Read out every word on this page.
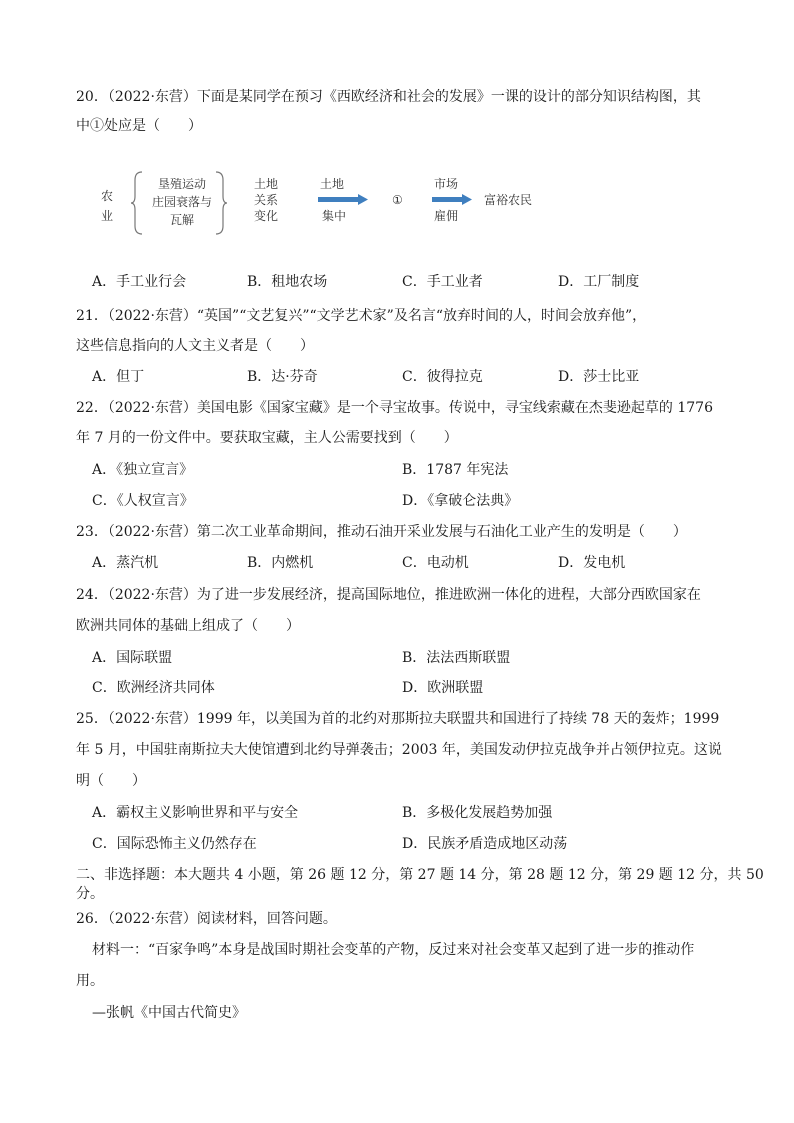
20．（2022·东营）下面是某同学在预习《西欧经济和社会的发展》一课的设计的部分知识结构图，其
中①处应是（　　）
农
业
垦殖运动
庄园衰落与
瓦解
土地
关系
变化
土地
集中
①
市场
雇佣
富裕农民
A．手工业行会	B．租地农场	C．手工业者	D．工厂制度
21．（2022·东营）“英国”“文艺复兴”“文学艺术家”及名言“放弃时间的人，时间会放弃他”，
这些信息指向的人文主义者是（　　）
A．但丁	B．达·芬奇	C．彼得拉克	D．莎士比亚
22．（2022·东营）美国电影《国家宝藏》是一个寻宝故事。传说中，寻宝线索藏在杰斐逊起草的 1776
年 7 月的一份文件中。要获取宝藏，主人公需要找到（　　）
A．《独立宣言》	B．1787 年宪法
C．《人权宣言》	D．《拿破仑法典》
23．（2022·东营）第二次工业革命期间，推动石油开采业发展与石油化工业产生的发明是（　　）
A．蒸汽机	B．内燃机	C．电动机	D．发电机
24．（2022·东营）为了进一步发展经济，提高国际地位，推进欧洲一体化的进程，大部分西欧国家在
欧洲共同体的基础上组成了（　　）
A．国际联盟	B．法法西斯联盟
C．欧洲经济共同体	D．欧洲联盟
25．（2022·东营）1999 年，以美国为首的北约对那斯拉夫联盟共和国进行了持续 78 天的轰炸；1999
年 5 月，中国驻南斯拉夫大使馆遭到北约导弹袭击；2003 年，美国发动伊拉克战争并占领伊拉克。这说
明（　　）
A．霸权主义影响世界和平与安全	B．多极化发展趋势加强
C．国际恐怖主义仍然存在	D．民族矛盾造成地区动荡
二、非选择题：本大题共 4 小题，第 26 题 12 分，第 27 题 14 分，第 28 题 12 分，第 29 题 12 分，共 50
分。
26．（2022·东营）阅读材料，回答问题。
材料一：“百家争鸣”本身是战国时期社会变革的产物，反过来对社会变革又起到了进一步的推动作
用。
—张帆《中国古代简史》
